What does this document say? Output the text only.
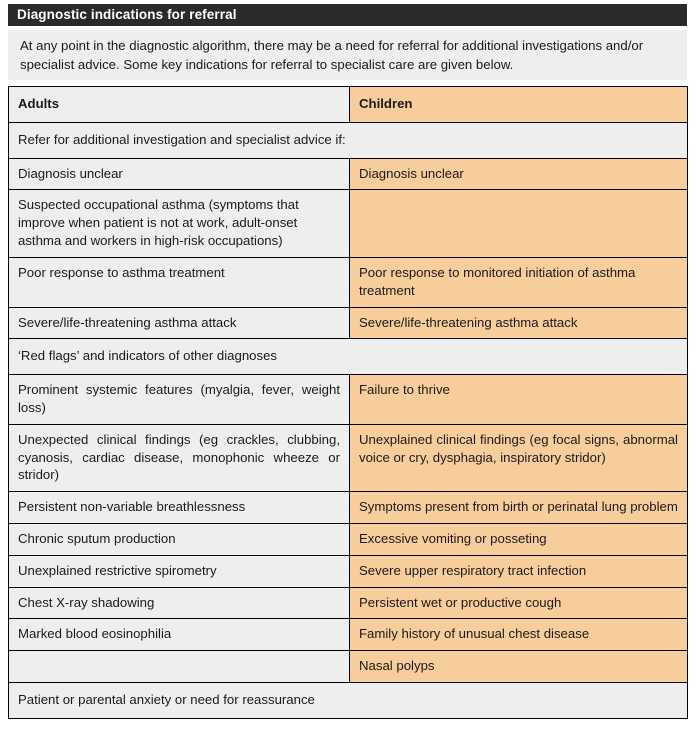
Diagnostic indications for referral
At any point in the diagnostic algorithm, there may be a need for referral for additional investigations and/or specialist advice. Some key indications for referral to specialist care are given below.
Adults	Children
Refer for additional investigation and specialist advice if:	
Diagnosis unclear	Diagnosis unclear
Suspected occupational asthma (symptoms that improve when patient is not at work, adult-onset asthma and workers in high-risk occupations)	
Poor response to asthma treatment	Poor response to monitored initiation of asthma treatment
Severe/life-threatening asthma attack	Severe/life-threatening asthma attack
‘Red flags’ and indicators of other diagnoses	
Prominent systemic features (myalgia, fever, weight loss)	Failure to thrive
Unexpected clinical findings (eg crackles, clubbing, cyanosis, cardiac disease, monophonic wheeze or stridor)	Unexplained clinical findings (eg focal signs, abnormal voice or cry, dysphagia, inspiratory stridor)
Persistent non-variable breathlessness	Symptoms present from birth or perinatal lung problem
Chronic sputum production	Excessive vomiting or posseting
Unexplained restrictive spirometry	Severe upper respiratory tract infection
Chest X-ray shadowing	Persistent wet or productive cough
Marked blood eosinophilia	Family history of unusual chest disease
	Nasal polyps
Patient or parental anxiety or need for reassurance	
